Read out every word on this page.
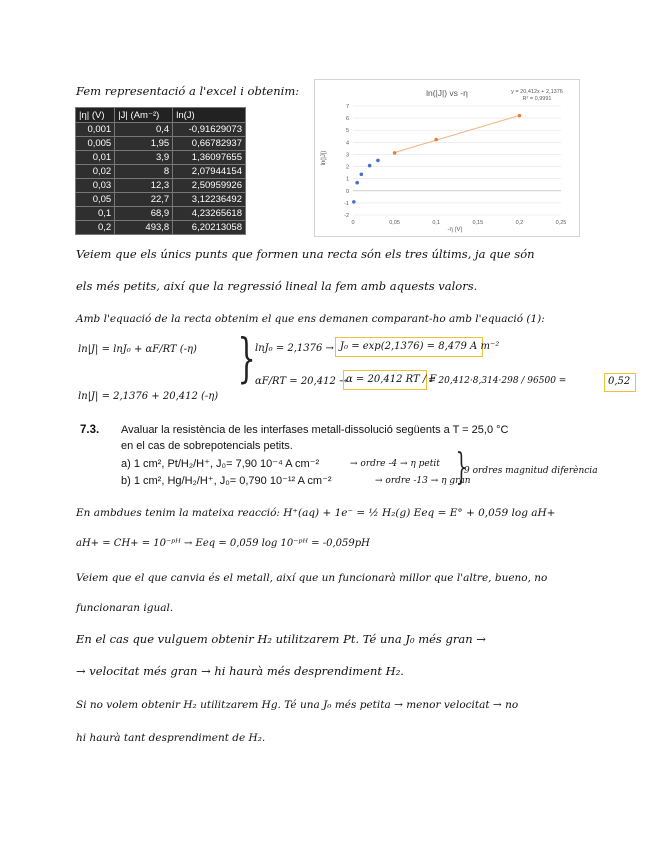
Fem representació a l'excel i obtenim:
|η| (V)	|J| (Am⁻²)	ln(J)
0,001	0,4	-0,91629073
0,005	1,95	0,66782937
0,01	3,9	1,36097655
0,02	8	2,07944154
0,03	12,3	2,50959926
0,05	22,7	3,12236492
0,1	68,9	4,23265618
0,2	493,8	6,20213058
-2
-1
0
1
2
3
4
5
6
7
0	0,05	0,1	0,15	0,2	0,25
ln(|J|) vs -η	y = 20,412x + 2,1376
R² = 0,9991
-η (V)
ln(|J|)
Veiem que els únics punts que formen una recta són els tres últims, ja que són
els més petits, així que la regressió lineal la fem amb aquests valors.
Amb l'equació de la recta obtenim el que ens demanen comparant-ho amb l'equació (1):
ln|J| = lnJ₀ + αF/RT (-η)
ln|J| = 2,1376 + 20,412 (-η)
} lnJ₀ = 2,1376 → J₀ = exp(2,1376) = 8,479 A m⁻²
αF/RT = 20,412 →
α = 20,412 RT / F
= 20,412·8,314·298 / 96500 =	0,52
7.3. Avaluar la resistència de les interfases metall-dissolució següents a T = 25,0 °C
en el cas de sobrepotencials petits.
a) 1 cm², Pt/H₂/H⁺, J₀= 7,90 10⁻⁴ A cm⁻²	→ ordre -4 → η petit
b) 1 cm², Hg/H₂/H⁺, J₀= 0,790 10⁻¹² A cm⁻²	→ ordre -13 → η gran
}
9 ordres magnitud diferència
En ambdues tenim la mateixa reacció: H⁺(aq) + 1e⁻ = ½ H₂(g) Eeq = E° + 0,059 log aH+
aH+ = CH+ = 10⁻ᵖᴴ → Eeq = 0,059 log 10⁻ᵖᴴ = -0,059pH
Veiem que el que canvia és el metall, així que un funcionarà millor que l'altre, bueno, no
funcionaran igual.
En el cas que vulguem obtenir H₂ utilitzarem Pt. Té una J₀ més gran →
→ velocitat més gran → hi haurà més desprendiment H₂.
Si no volem obtenir H₂ utilitzarem Hg. Té una J₀ més petita → menor velocitat → no
hi haurà tant desprendiment de H₂.
